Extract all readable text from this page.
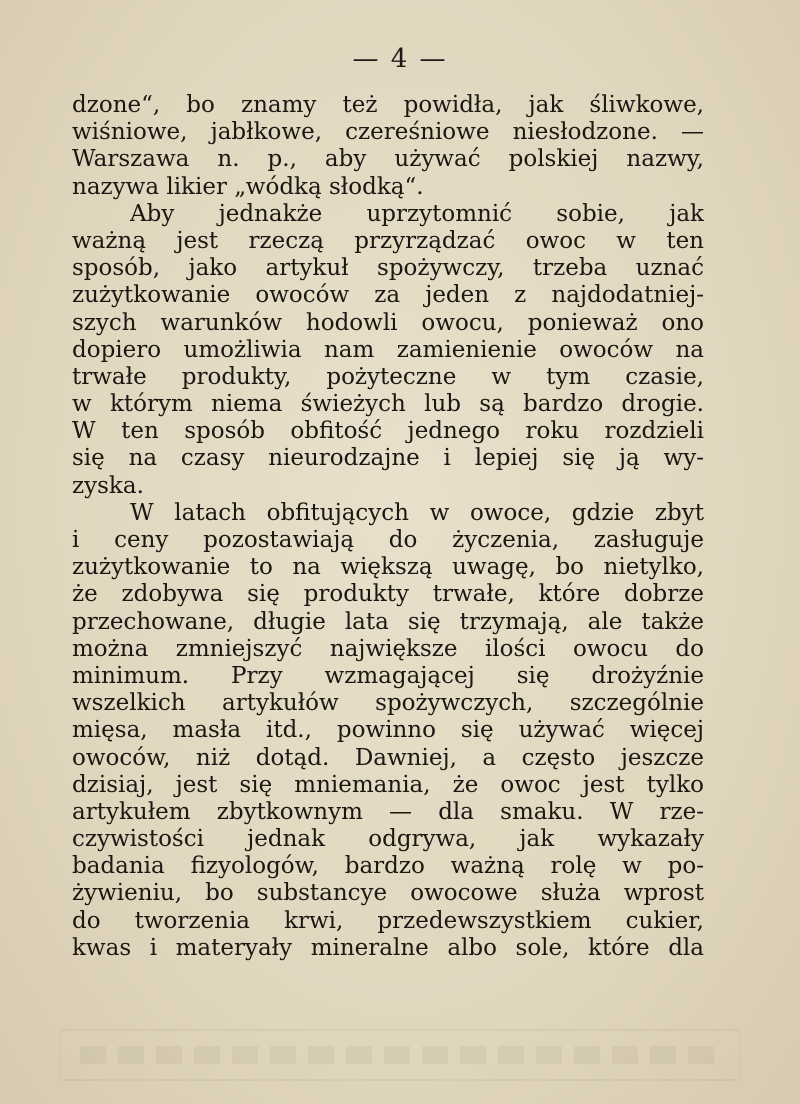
— 4 —
dzone“, bo znamy też powidła, jak śliwkowe,
wiśniowe, jabłkowe, czereśniowe niesłodzone. —
Warszawa n. p., aby używać polskiej nazwy,
nazywa likier „wódką słodką“.
Aby jednakże uprzytomnić sobie, jak
ważną jest rzeczą przyrządzać owoc w ten
sposób, jako artykuł spożywczy, trzeba uznać
zużytkowanie owoców za jeden z najdodatniej-
szych warunków hodowli owocu, ponieważ ono
dopiero umożliwia nam zamienienie owoców na
trwałe produkty, pożyteczne w tym czasie,
w którym niema świeżych lub są bardzo drogie.
W ten sposób obfitość jednego roku rozdzieli
się na czasy nieurodzajne i lepiej się ją wy-
zyska.
W latach obfitujących w owoce, gdzie zbyt
i ceny pozostawiają do życzenia, zasługuje
zużytkowanie to na większą uwagę, bo nietylko,
że zdobywa się produkty trwałe, które dobrze
przechowane, długie lata się trzymają, ale także
można zmniejszyć największe ilości owocu do
minimum. Przy wzmagającej się drożyźnie
wszelkich artykułów spożywczych, szczególnie
mięsa, masła itd., powinno się używać więcej
owoców, niż dotąd. Dawniej, a często jeszcze
dzisiaj, jest się mniemania, że owoc jest tylko
artykułem zbytkownym — dla smaku. W rze-
czywistości jednak odgrywa, jak wykazały
badania fizyologów, bardzo ważną rolę w po-
żywieniu, bo substancye owocowe służa wprost
do tworzenia krwi, przedewszystkiem cukier,
kwas i materyały mineralne albo sole, które dla
